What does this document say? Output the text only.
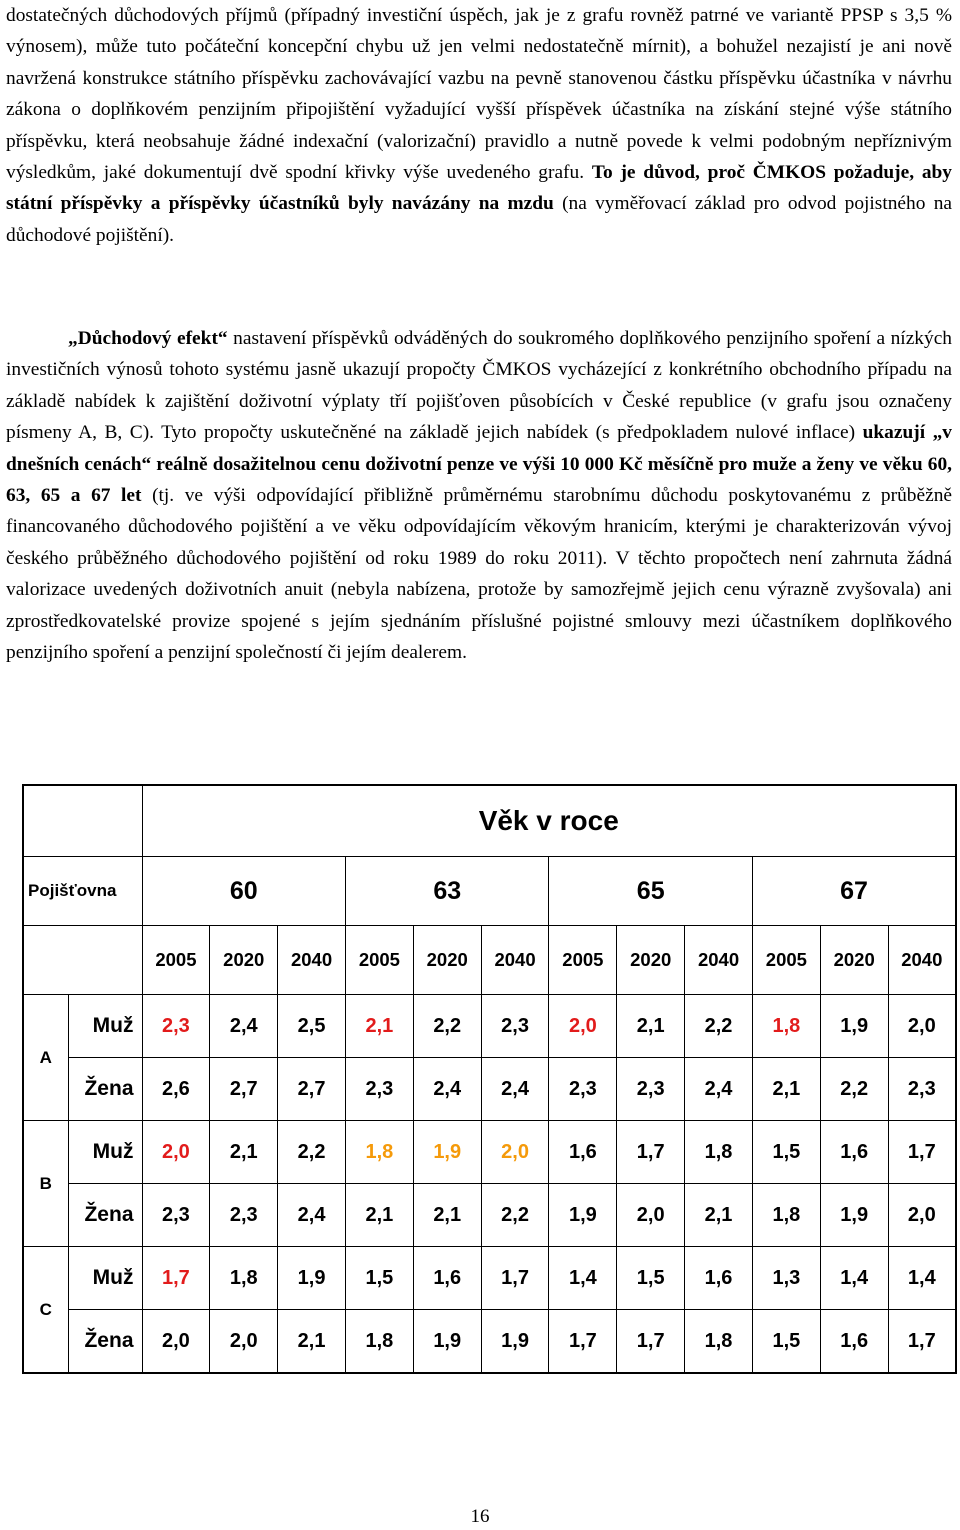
dostatečných důchodových příjmů (případný investiční úspěch, jak je z grafu rovněž patrné ve variantě PPSP s 3,5 % výnosem), může tuto počáteční koncepční chybu už jen velmi nedostatečně mírnit), a bohužel nezajistí je ani nově navržená konstrukce státního příspěvku zachovávající vazbu na pevně stanovenou částku příspěvku účastníka v návrhu zákona o doplňkovém penzijním připojištění vyžadující vyšší příspěvek účastníka na získání stejné výše státního příspěvku, která neobsahuje žádné indexační (valorizační) pravidlo a nutně povede k velmi podobným nepříznivým výsledkům, jaké dokumentují dvě spodní křivky výše uvedeného grafu. To je důvod, proč ČMKOS požaduje, aby státní příspěvky a příspěvky účastníků byly navázány na mzdu (na vyměřovací základ pro odvod pojistného na důchodové pojištění).
„Důchodový efekt“ nastavení příspěvků odváděných do soukromého doplňkového penzijního spoření a nízkých investičních výnosů tohoto systému jasně ukazují propočty ČMKOS vycházející z konkrétního obchodního případu na základě nabídek k zajištění doživotní výplaty tří pojišťoven působících v České republice (v grafu jsou označeny písmeny A, B, C). Tyto propočty uskutečněné na základě jejich nabídek (s předpokladem nulové inflace) ukazují „v dnešních cenách“ reálně dosažitelnou cenu doživotní penze ve výši 10 000 Kč měsíčně pro muže a ženy ve věku 60, 63, 65 a 67 let (tj. ve výši odpovídající přibližně průměrnému starobnímu důchodu poskytovanému z průběžně financovaného důchodového pojištění a ve věku odpovídajícím věkovým hranicím, kterými je charakterizován vývoj českého průběžného důchodového pojištění od roku 1989 do roku 2011). V těchto propočtech není zahrnuta žádná valorizace uvedených doživotních anuit (nebyla nabízena, protože by samozřejmě jejich cenu výrazně zvyšovala) ani zprostředkovatelské provize spojené s jejím sjednáním příslušné pojistné smlouvy mezi účastníkem doplňkového penzijního spoření a penzijní společností či jejím dealerem.
		Věk v roce											
Pojišťovna		60			63			65			67		
		2005	2020	2040	2005	2020	2040	2005	2020	2040	2005	2020	2040
A	Muž	2,3	2,4	2,5	2,1	2,2	2,3	2,0	2,1	2,2	1,8	1,9	2,0
	Žena	2,6	2,7	2,7	2,3	2,4	2,4	2,3	2,3	2,4	2,1	2,2	2,3
B	Muž	2,0	2,1	2,2	1,8	1,9	2,0	1,6	1,7	1,8	1,5	1,6	1,7
	Žena	2,3	2,3	2,4	2,1	2,1	2,2	1,9	2,0	2,1	1,8	1,9	2,0
C	Muž	1,7	1,8	1,9	1,5	1,6	1,7	1,4	1,5	1,6	1,3	1,4	1,4
	Žena	2,0	2,0	2,1	1,8	1,9	1,9	1,7	1,7	1,8	1,5	1,6	1,7
16
